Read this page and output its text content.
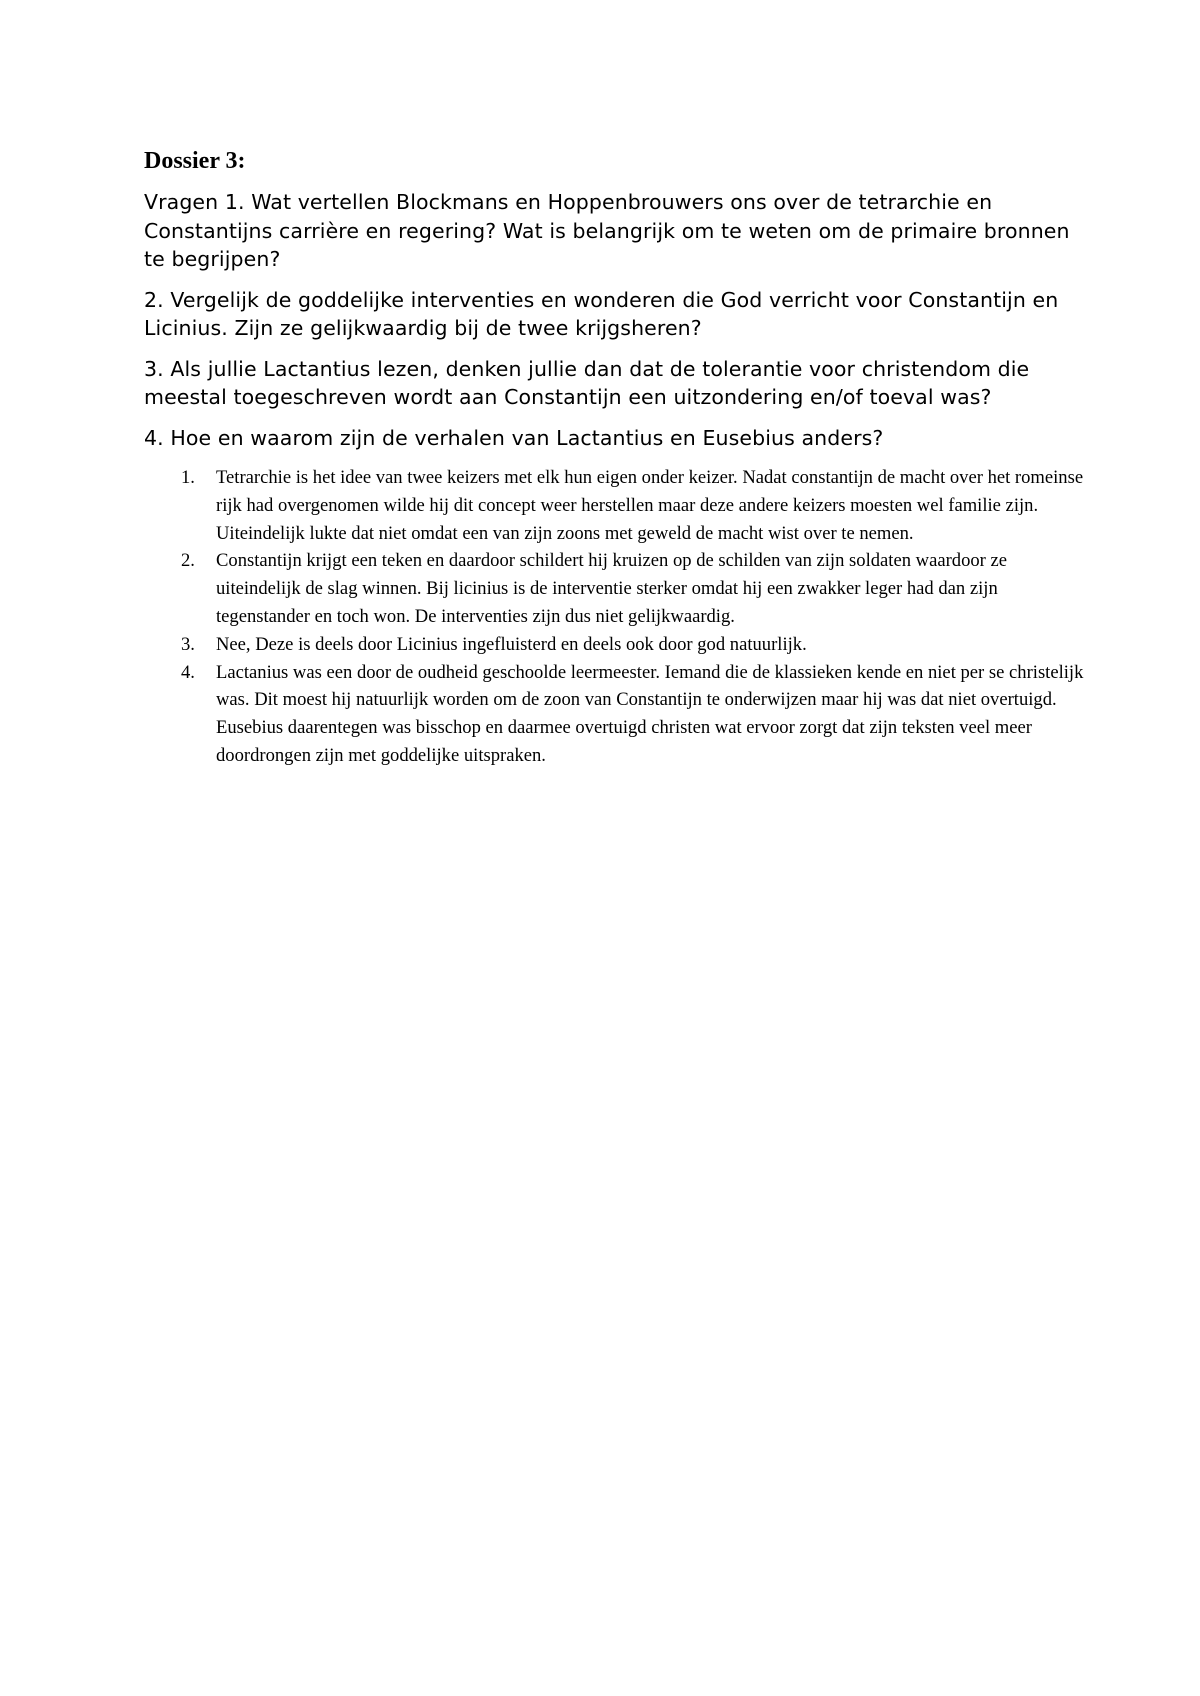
Dossier 3:

Vragen 1. Wat vertellen Blockmans en Hoppenbrouwers ons over de tetrarchie en Constantijns carrière en regering? Wat is belangrijk om te weten om de primaire bronnen te begrijpen?

2. Vergelijk de goddelijke interventies en wonderen die God verricht voor Constantijn en Licinius. Zijn ze gelijkwaardig bij de twee krijgsheren?

3. Als jullie Lactantius lezen, denken jullie dan dat de tolerantie voor christendom die meestal toegeschreven wordt aan Constantijn een uitzondering en/of toeval was?

4. Hoe en waarom zijn de verhalen van Lactantius en Eusebius anders?

1.	Tetrarchie is het idee van twee keizers met elk hun eigen onder keizer. Nadat constantijn de macht over het romeinse rijk had overgenomen wilde hij dit concept weer herstellen maar deze andere keizers moesten wel familie zijn. Uiteindelijk lukte dat niet omdat een van zijn zoons met geweld de macht wist over te nemen.
2.	Constantijn krijgt een teken en daardoor schildert hij kruizen op de schilden van zijn soldaten waardoor ze uiteindelijk de slag winnen. Bij licinius is de interventie sterker omdat hij een zwakker leger had dan zijn tegenstander en toch won. De interventies zijn dus niet gelijkwaardig.
3.	Nee, Deze is deels door Licinius ingefluisterd en deels ook door god natuurlijk.
4.	Lactanius was een door de oudheid geschoolde leermeester. Iemand die de klassieken kende en niet per se christelijk was. Dit moest hij natuurlijk worden om de zoon van Constantijn te onderwijzen maar hij was dat niet overtuigd. Eusebius daarentegen was bisschop en daarmee overtuigd christen wat ervoor zorgt dat zijn teksten veel meer doordrongen zijn met goddelijke uitspraken.
